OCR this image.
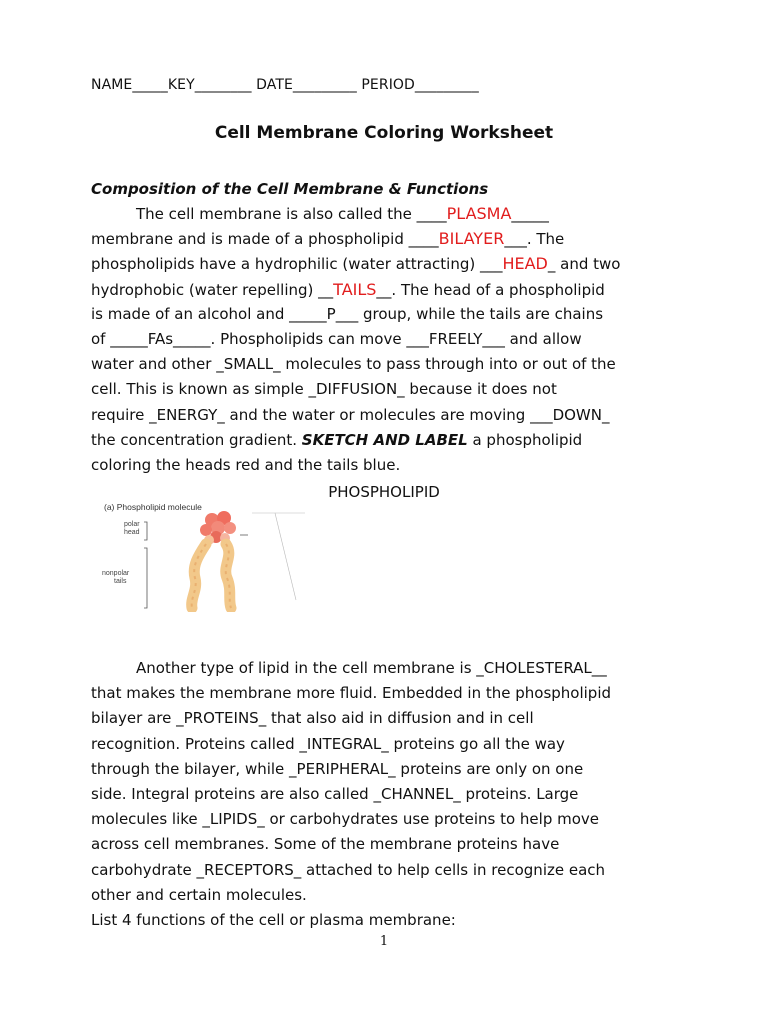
NAME_____KEY________ DATE_________ PERIOD_________
Cell Membrane Coloring Worksheet
Composition of the Cell Membrane & Functions
The cell membrane is also called the ____PLASMA_____
membrane and is made of a phospholipid ____BILAYER___. The
phospholipids have a hydrophilic (water attracting) ___HEAD_ and two
hydrophobic (water repelling) __TAILS__. The head of a phospholipid
is made of an alcohol and _____P___ group, while the tails are chains
of _____FAs_____. Phospholipids can move ___FREELY___ and allow
water and other _SMALL_ molecules to pass through into or out of the
cell. This is known as simple _DIFFUSION_ because it does not
require _ENERGY_ and the water or molecules are moving ___DOWN_
the concentration gradient. SKETCH AND LABEL a phospholipid
coloring the heads red and the tails blue.
PHOSPHOLIPID
(a) Phospholipid molecule
polar
head
nonpolar
tails
Another type of lipid in the cell membrane is _CHOLESTERAL__
that makes the membrane more fluid. Embedded in the phospholipid
bilayer are _PROTEINS_ that also aid in diffusion and in cell
recognition. Proteins called _INTEGRAL_ proteins go all the way
through the bilayer, while _PERIPHERAL_ proteins are only on one
side. Integral proteins are also called _CHANNEL_ proteins. Large
molecules like _LIPIDS_ or carbohydrates use proteins to help move
across cell membranes. Some of the membrane proteins have
carbohydrate _RECEPTORS_ attached to help cells in recognize each
other and certain molecules.
List 4 functions of the cell or plasma membrane:
1
